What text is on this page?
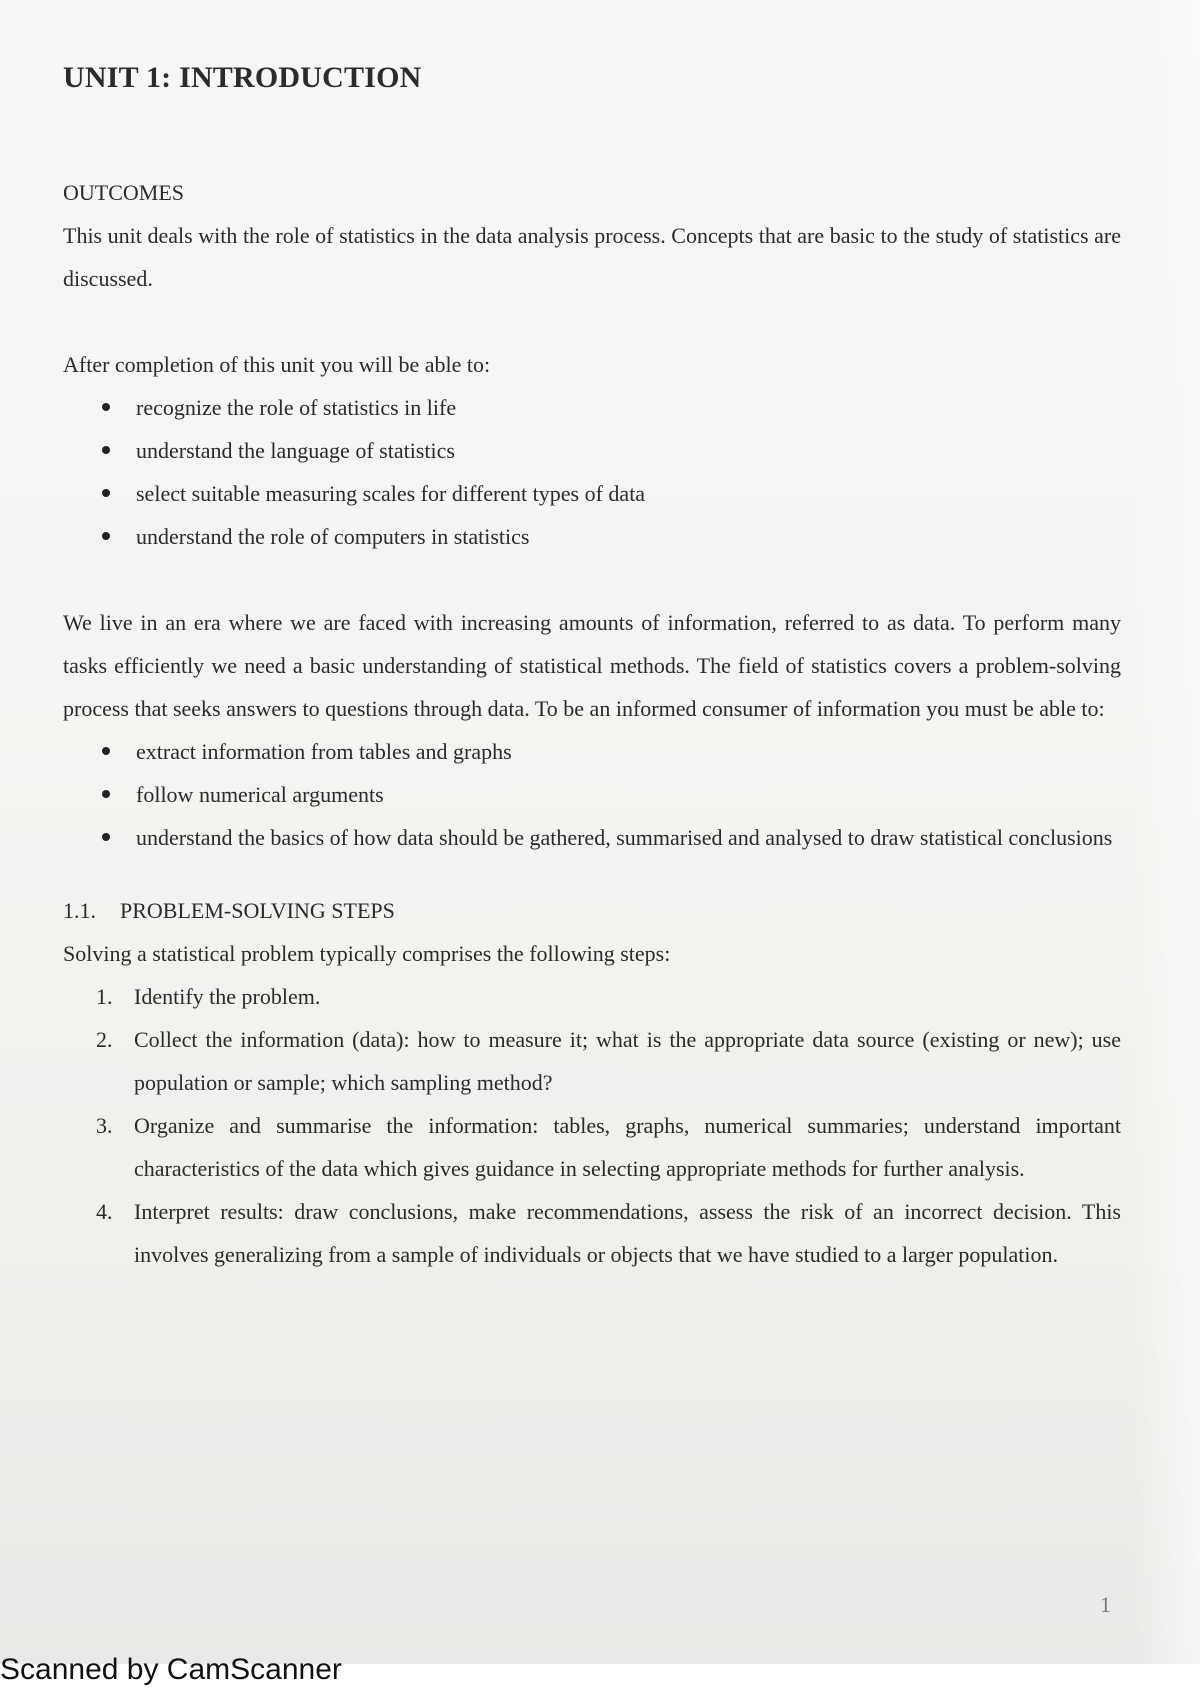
UNIT 1: INTRODUCTION
OUTCOMES

This unit deals with the role of statistics in the data analysis process. Concepts that are basic to the study of statistics are discussed.

After completion of this unit you will be able to:

recognize the role of statistics in life
understand the language of statistics
select suitable measuring scales for different types of data
understand the role of computers in statistics

We live in an era where we are faced with increasing amounts of information, referred to as data. To perform many tasks efficiently we need a basic understanding of statistical methods. The field of statistics covers a problem-solving process that seeks answers to questions through data. To be an informed consumer of information you must be able to:

extract information from tables and graphs
follow numerical arguments
understand the basics of how data should be gathered, summarised and analysed to draw statistical conclusions
1.1. PROBLEM-SOLVING STEPS

Solving a statistical problem typically comprises the following steps:

1. Identify the problem.
2. Collect the information (data): how to measure it; what is the appropriate data source (existing or new); use population or sample; which sampling method?
3. Organize and summarise the information: tables, graphs, numerical summaries; understand important characteristics of the data which gives guidance in selecting appropriate methods for further analysis.
4. Interpret results: draw conclusions, make recommendations, assess the risk of an incorrect decision. This involves generalizing from a sample of individuals or objects that we have studied to a larger population.
1
Scanned by CamScanner
